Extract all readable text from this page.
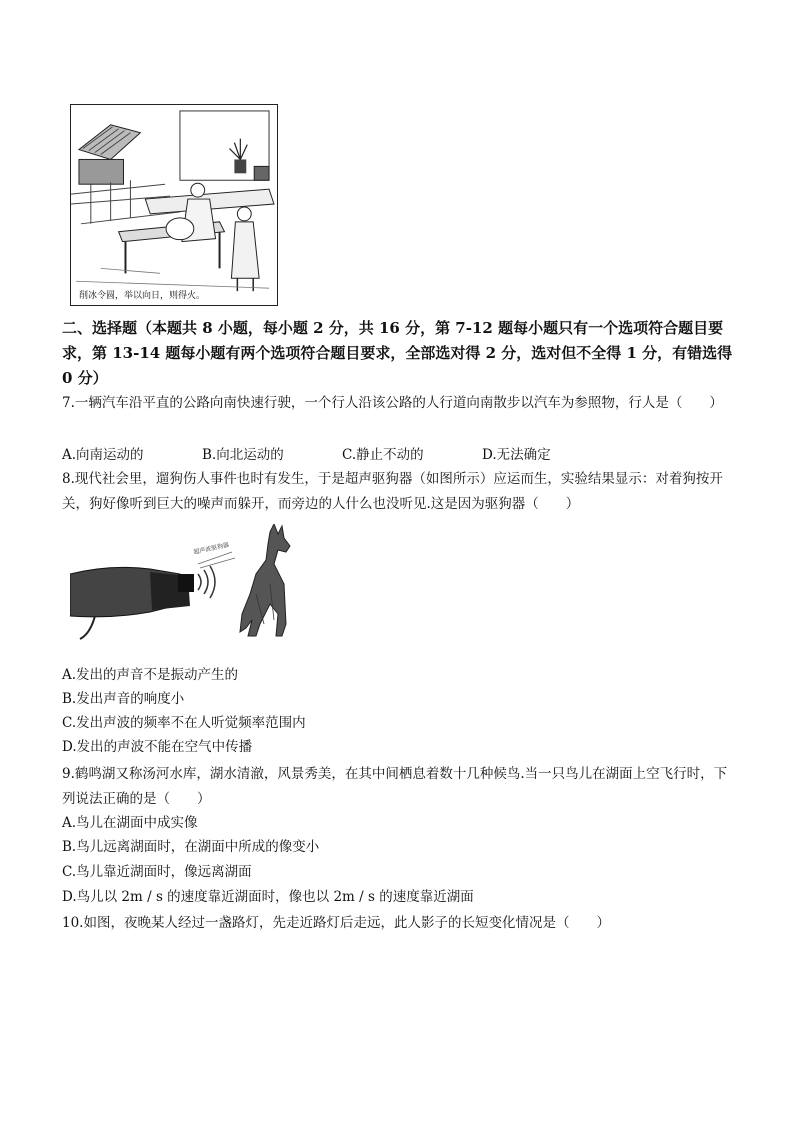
削冰令圆，举以向日，则得火。
二、选择题（本题共 8 小题，每小题 2 分，共 16 分，第 7-12 题每小题只有一个选项符合题目要求，第 13-14 题每小题有两个选项符合题目要求，全部选对得 2 分，选对但不全得 1 分，有错选得 0 分）
7.一辆汽车沿平直的公路向南快速行驶，一个行人沿该公路的人行道向南散步以汽车为参照物，行人是（　　）
A.向南运动的	B.向北运动的	C.静止不动的	D.无法确定
8.现代社会里，遛狗伤人事件也时有发生，于是超声驱狗器（如图所示）应运而生，实验结果显示：对着狗按开关，狗好像听到巨大的噪声而躲开，而旁边的人什么也没听见.这是因为驱狗器（　　）
超声波驱狗器
A.发出的声音不是振动产生的
B.发出声音的响度小
C.发出声波的频率不在人听觉频率范围内
D.发出的声波不能在空气中传播
9.鹤鸣湖又称汤河水库，湖水清澈，风景秀美，在其中间栖息着数十几种候鸟.当一只鸟儿在湖面上空飞行时，下列说法正确的是（　　）
A.鸟儿在湖面中成实像
B.鸟儿远离湖面时，在湖面中所成的像变小
C.鸟儿靠近湖面时，像远离湖面
D.鸟儿以 2m / s 的速度靠近湖面时，像也以 2m / s 的速度靠近湖面
10.如图，夜晚某人经过一盏路灯，先走近路灯后走远，此人影子的长短变化情况是（　　）
